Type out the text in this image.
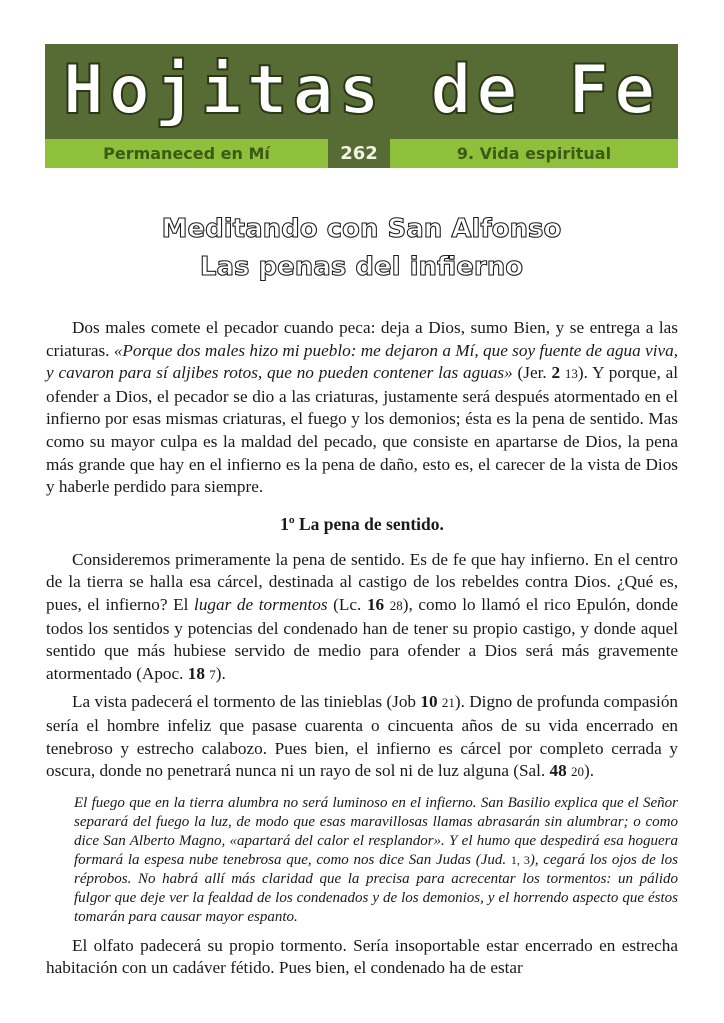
Hojitas de Fe
Permaneced en Mí	262	9. Vida espiritual
Meditando con San Alfonso
Las penas del infierno

Dos males comete el pecador cuando peca: deja a Dios, sumo Bien, y se entrega a las criaturas. «Porque dos males hizo mi pueblo: me dejaron a Mí, que soy fuente de agua viva, y cavaron para sí aljibes rotos, que no pueden contener las aguas» (Jer. 2 13). Y porque, al ofender a Dios, el pecador se dio a las criaturas, justamente será después atormentado en el infierno por esas mismas criaturas, el fuego y los demonios; ésta es la pena de sentido. Mas como su mayor culpa es la maldad del pecado, que consiste en apartarse de Dios, la pena más grande que hay en el infierno es la pena de daño, esto es, el carecer de la vista de Dios y haberle perdido para siempre.

1º La pena de sentido.

Consideremos primeramente la pena de sentido. Es de fe que hay infierno. En el centro de la tierra se halla esa cárcel, destinada al castigo de los rebeldes contra Dios. ¿Qué es, pues, el infierno? El lugar de tormentos (Lc. 16 28), como lo llamó el rico Epulón, donde todos los sentidos y potencias del condenado han de tener su propio castigo, y donde aquel sentido que más hubiese servido de medio para ofender a Dios será más gravemente atormentado (Apoc. 18 7).

La vista padecerá el tormento de las tinieblas (Job 10 21). Digno de profunda compasión sería el hombre infeliz que pasase cuarenta o cincuenta años de su vida encerrado en tenebroso y estrecho calabozo. Pues bien, el infierno es cárcel por completo cerrada y oscura, donde no penetrará nunca ni un rayo de sol ni de luz alguna (Sal. 48 20).

El fuego que en la tierra alumbra no será luminoso en el infierno. San Basilio explica que el Señor separará del fuego la luz, de modo que esas maravillosas llamas abrasarán sin alumbrar; o como dice San Alberto Magno, «apartará del calor el resplandor». Y el humo que despedirá esa hoguera formará la espesa nube tenebrosa que, como nos dice San Judas (Jud. 1, 3), cegará los ojos de los réprobos. No habrá allí más claridad que la precisa para acrecentar los tormentos: un pálido fulgor que deje ver la fealdad de los condenados y de los demonios, y el horrendo aspecto que éstos tomarán para causar mayor espanto.

El olfato padecerá su propio tormento. Sería insoportable estar encerrado en estrecha habitación con un cadáver fétido. Pues bien, el condenado ha de estar
